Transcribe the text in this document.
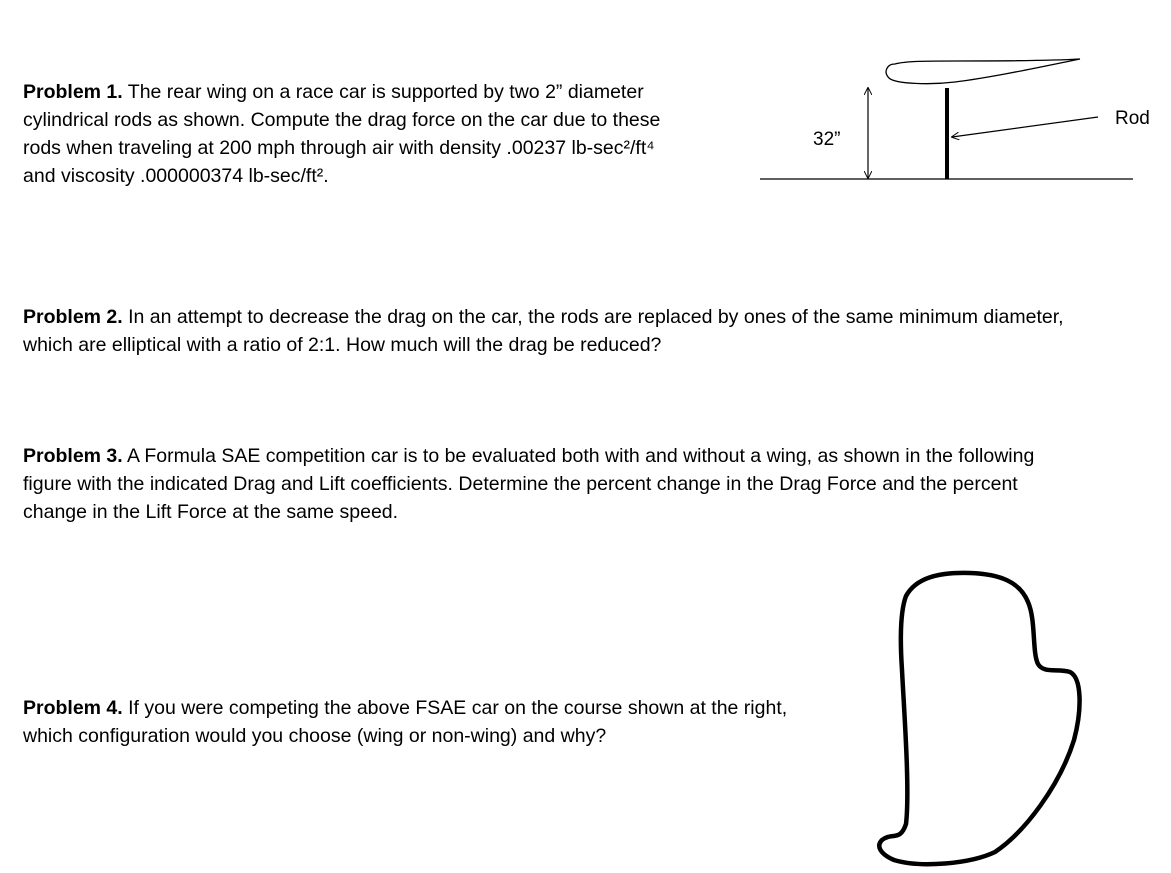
Problem 1. The rear wing on a race car is supported by two 2” diameter
cylindrical rods as shown. Compute the drag force on the car due to these
rods when traveling at 200 mph through air with density .00237 lb-sec²/ft⁴
and viscosity .000000374 lb-sec/ft².
32”
Rod
Problem 2. In an attempt to decrease the drag on the car, the rods are replaced by ones of the same minimum diameter,
which are elliptical with a ratio of 2:1. How much will the drag be reduced?
Problem 3. A Formula SAE competition car is to be evaluated both with and without a wing, as shown in the following
figure with the indicated Drag and Lift coefficients. Determine the percent change in the Drag Force and the percent
change in the Lift Force at the same speed.
Problem 4. If you were competing the above FSAE car on the course shown at the right,
which configuration would you choose (wing or non-wing) and why?
